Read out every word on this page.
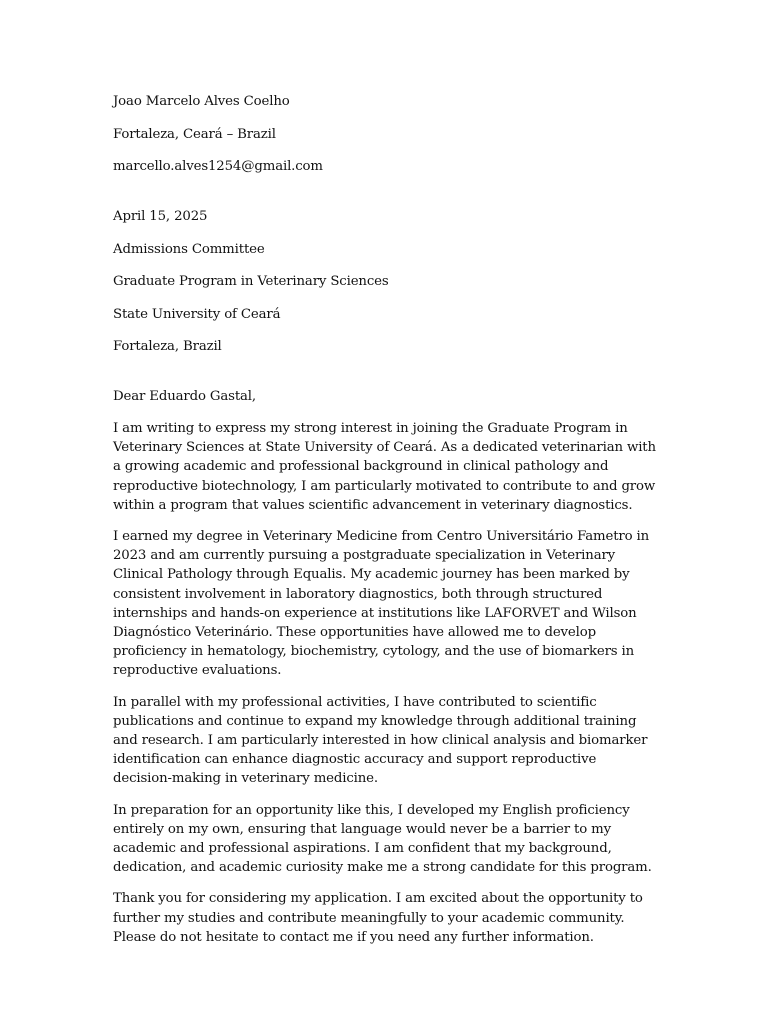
Joao Marcelo Alves Coelho

Fortaleza, Ceará – Brazil

marcello.alves1254@gmail.com

April 15, 2025

Admissions Committee

Graduate Program in Veterinary Sciences

State University of Ceará

Fortaleza, Brazil

Dear Eduardo Gastal,

I am writing to express my strong interest in joining the Graduate Program in Veterinary Sciences at State University of Ceará. As a dedicated veterinarian with a growing academic and professional background in clinical pathology and reproductive biotechnology, I am particularly motivated to contribute to and grow within a program that values scientific advancement in veterinary diagnostics.

I earned my degree in Veterinary Medicine from Centro Universitário Fametro in 2023 and am currently pursuing a postgraduate specialization in Veterinary Clinical Pathology through Equalis. My academic journey has been marked by consistent involvement in laboratory diagnostics, both through structured internships and hands-on experience at institutions like LAFORVET and Wilson Diagnóstico Veterinário. These opportunities have allowed me to develop proficiency in hematology, biochemistry, cytology, and the use of biomarkers in reproductive evaluations.

In parallel with my professional activities, I have contributed to scientific publications and continue to expand my knowledge through additional training and research. I am particularly interested in how clinical analysis and biomarker identification can enhance diagnostic accuracy and support reproductive decision-making in veterinary medicine.

In preparation for an opportunity like this, I developed my English proficiency entirely on my own, ensuring that language would never be a barrier to my academic and professional aspirations. I am confident that my background, dedication, and academic curiosity make me a strong candidate for this program.

Thank you for considering my application. I am excited about the opportunity to further my studies and contribute meaningfully to your academic community. Please do not hesitate to contact me if you need any further information.
